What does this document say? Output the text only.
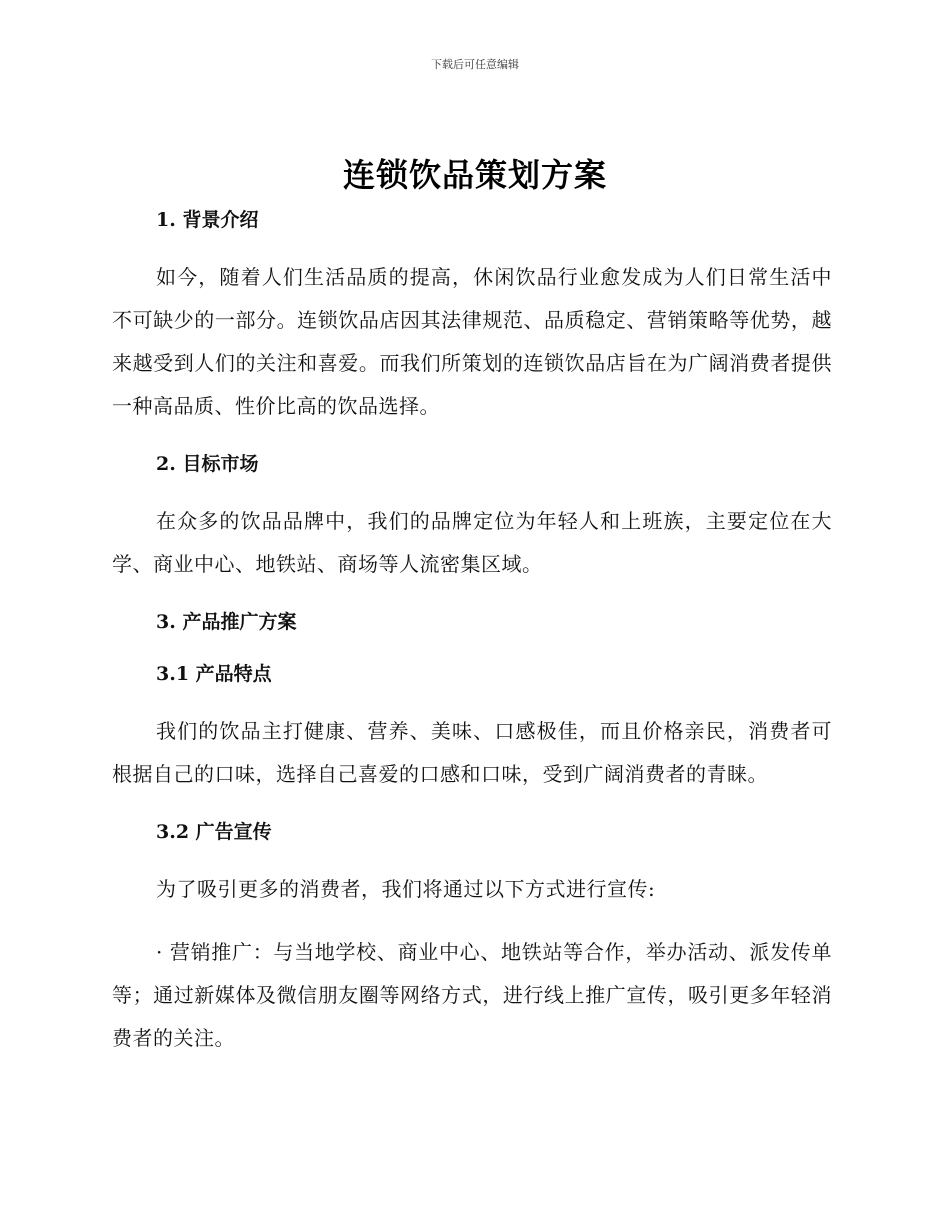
下载后可任意编辑
连锁饮品策划方案

1. 背景介绍

如今，随着人们生活品质的提高，休闲饮品行业愈发成为人们日常生活中不可缺少的一部分。连锁饮品店因其法律规范、品质稳定、营销策略等优势，越来越受到人们的关注和喜爱。而我们所策划的连锁饮品店旨在为广阔消费者提供一种高品质、性价比高的饮品选择。

2. 目标市场

在众多的饮品品牌中，我们的品牌定位为年轻人和上班族，主要定位在大学、商业中心、地铁站、商场等人流密集区域。

3. 产品推广方案

3.1 产品特点

我们的饮品主打健康、营养、美味、口感极佳，而且价格亲民，消费者可根据自己的口味，选择自己喜爱的口感和口味，受到广阔消费者的青睐。

3.2 广告宣传

为了吸引更多的消费者，我们将通过以下方式进行宣传:

· 营销推广：与当地学校、商业中心、地铁站等合作，举办活动、派发传单等；通过新媒体及微信朋友圈等网络方式，进行线上推广宣传，吸引更多年轻消费者的关注。
